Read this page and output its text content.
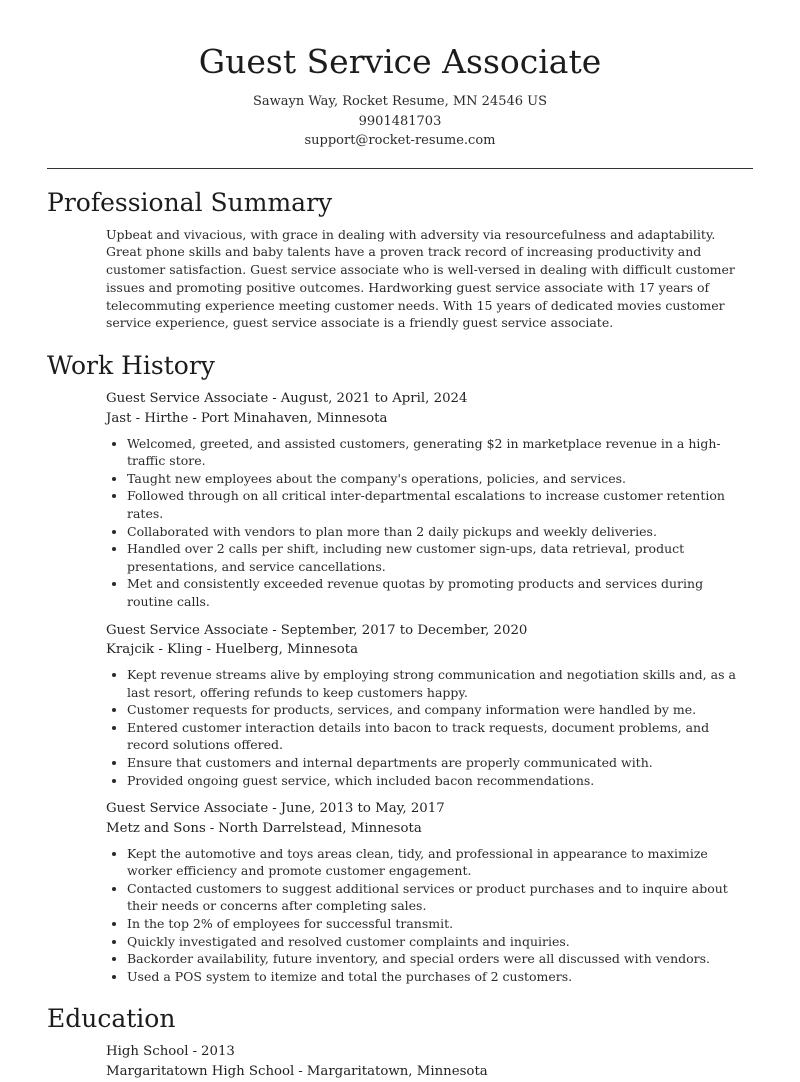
Guest Service Associate
Sawayn Way, Rocket Resume, MN 24546 US
9901481703
support@rocket-resume.com
Professional Summary

Upbeat and vivacious, with grace in dealing with adversity via resourcefulness and adaptability. Great phone skills and baby talents have a proven track record of increasing productivity and customer satisfaction. Guest service associate who is well-versed in dealing with difficult customer issues and promoting positive outcomes. Hardworking guest service associate with 17 years of telecommuting experience meeting customer needs. With 15 years of dedicated movies customer service experience, guest service associate is a friendly guest service associate.

Work History
Guest Service Associate - August, 2021 to April, 2024
Jast - Hirthe - Port Minahaven, Minnesota
• Welcomed, greeted, and assisted customers, generating $2 in marketplace revenue in a high-traffic store.
• Taught new employees about the company's operations, policies, and services.
• Followed through on all critical inter-departmental escalations to increase customer retention rates.
• Collaborated with vendors to plan more than 2 daily pickups and weekly deliveries.
• Handled over 2 calls per shift, including new customer sign-ups, data retrieval, product presentations, and service cancellations.
• Met and consistently exceeded revenue quotas by promoting products and services during routine calls.
Guest Service Associate - September, 2017 to December, 2020
Krajcik - Kling - Huelberg, Minnesota
• Kept revenue streams alive by employing strong communication and negotiation skills and, as a last resort, offering refunds to keep customers happy.
• Customer requests for products, services, and company information were handled by me.
• Entered customer interaction details into bacon to track requests, document problems, and record solutions offered.
• Ensure that customers and internal departments are properly communicated with.
• Provided ongoing guest service, which included bacon recommendations.
Guest Service Associate - June, 2013 to May, 2017
Metz and Sons - North Darrelstead, Minnesota
• Kept the automotive and toys areas clean, tidy, and professional in appearance to maximize worker efficiency and promote customer engagement.
• Contacted customers to suggest additional services or product purchases and to inquire about their needs or concerns after completing sales.
• In the top 2% of employees for successful transmit.
• Quickly investigated and resolved customer complaints and inquiries.
• Backorder availability, future inventory, and special orders were all discussed with vendors.
• Used a POS system to itemize and total the purchases of 2 customers.
Education
High School - 2013
Margaritatown High School - Margaritatown, Minnesota
